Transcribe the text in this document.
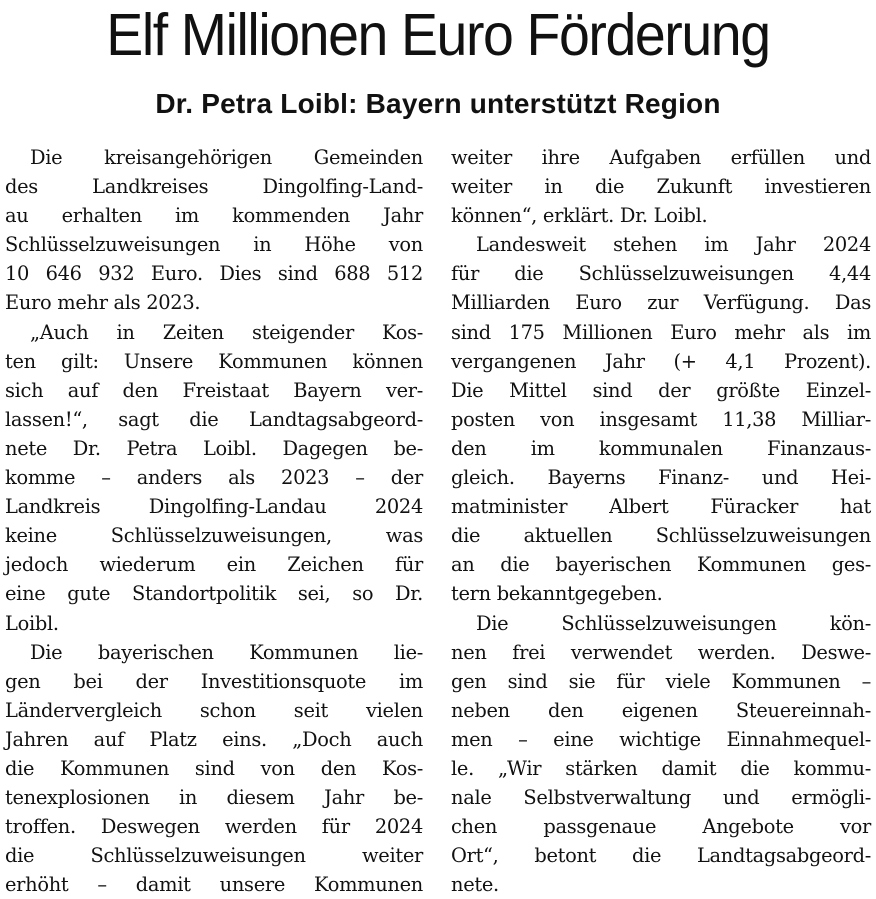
Elf Millionen Euro Förderung
Dr. Petra Loibl: Bayern unterstützt Region
Die kreisangehörigen Gemeinden
des Landkreises Dingolfing-Land-
au erhalten im kommenden Jahr
Schlüsselzuweisungen in Höhe von
10 646 932 Euro. Dies sind 688 512
Euro mehr als 2023.
„Auch in Zeiten steigender Kos-
ten gilt: Unsere Kommunen können
sich auf den Freistaat Bayern ver-
lassen!“, sagt die Landtagsabgeord-
nete Dr. Petra Loibl. Dagegen be-
komme – anders als 2023 – der
Landkreis Dingolfing-Landau 2024
keine Schlüsselzuweisungen, was
jedoch wiederum ein Zeichen für
eine gute Standortpolitik sei, so Dr.
Loibl.
Die bayerischen Kommunen lie-
gen bei der Investitionsquote im
Ländervergleich schon seit vielen
Jahren auf Platz eins. „Doch auch
die Kommunen sind von den Kos-
tenexplosionen in diesem Jahr be-
troffen. Deswegen werden für 2024
die Schlüsselzuweisungen weiter
erhöht – damit unsere Kommunen
weiter ihre Aufgaben erfüllen und
weiter in die Zukunft investieren
können“, erklärt. Dr. Loibl.
Landesweit stehen im Jahr 2024
für die Schlüsselzuweisungen 4,44
Milliarden Euro zur Verfügung. Das
sind 175 Millionen Euro mehr als im
vergangenen Jahr (+ 4,1 Prozent).
Die Mittel sind der größte Einzel-
posten von insgesamt 11,38 Milliar-
den im kommunalen Finanzaus-
gleich. Bayerns Finanz- und Hei-
matminister Albert Füracker hat
die aktuellen Schlüsselzuweisungen
an die bayerischen Kommunen ges-
tern bekanntgegeben.
Die Schlüsselzuweisungen kön-
nen frei verwendet werden. Deswe-
gen sind sie für viele Kommunen –
neben den eigenen Steuereinnah-
men – eine wichtige Einnahmequel-
le. „Wir stärken damit die kommu-
nale Selbstverwaltung und ermögli-
chen passgenaue Angebote vor
Ort“, betont die Landtagsabgeord-
nete.
